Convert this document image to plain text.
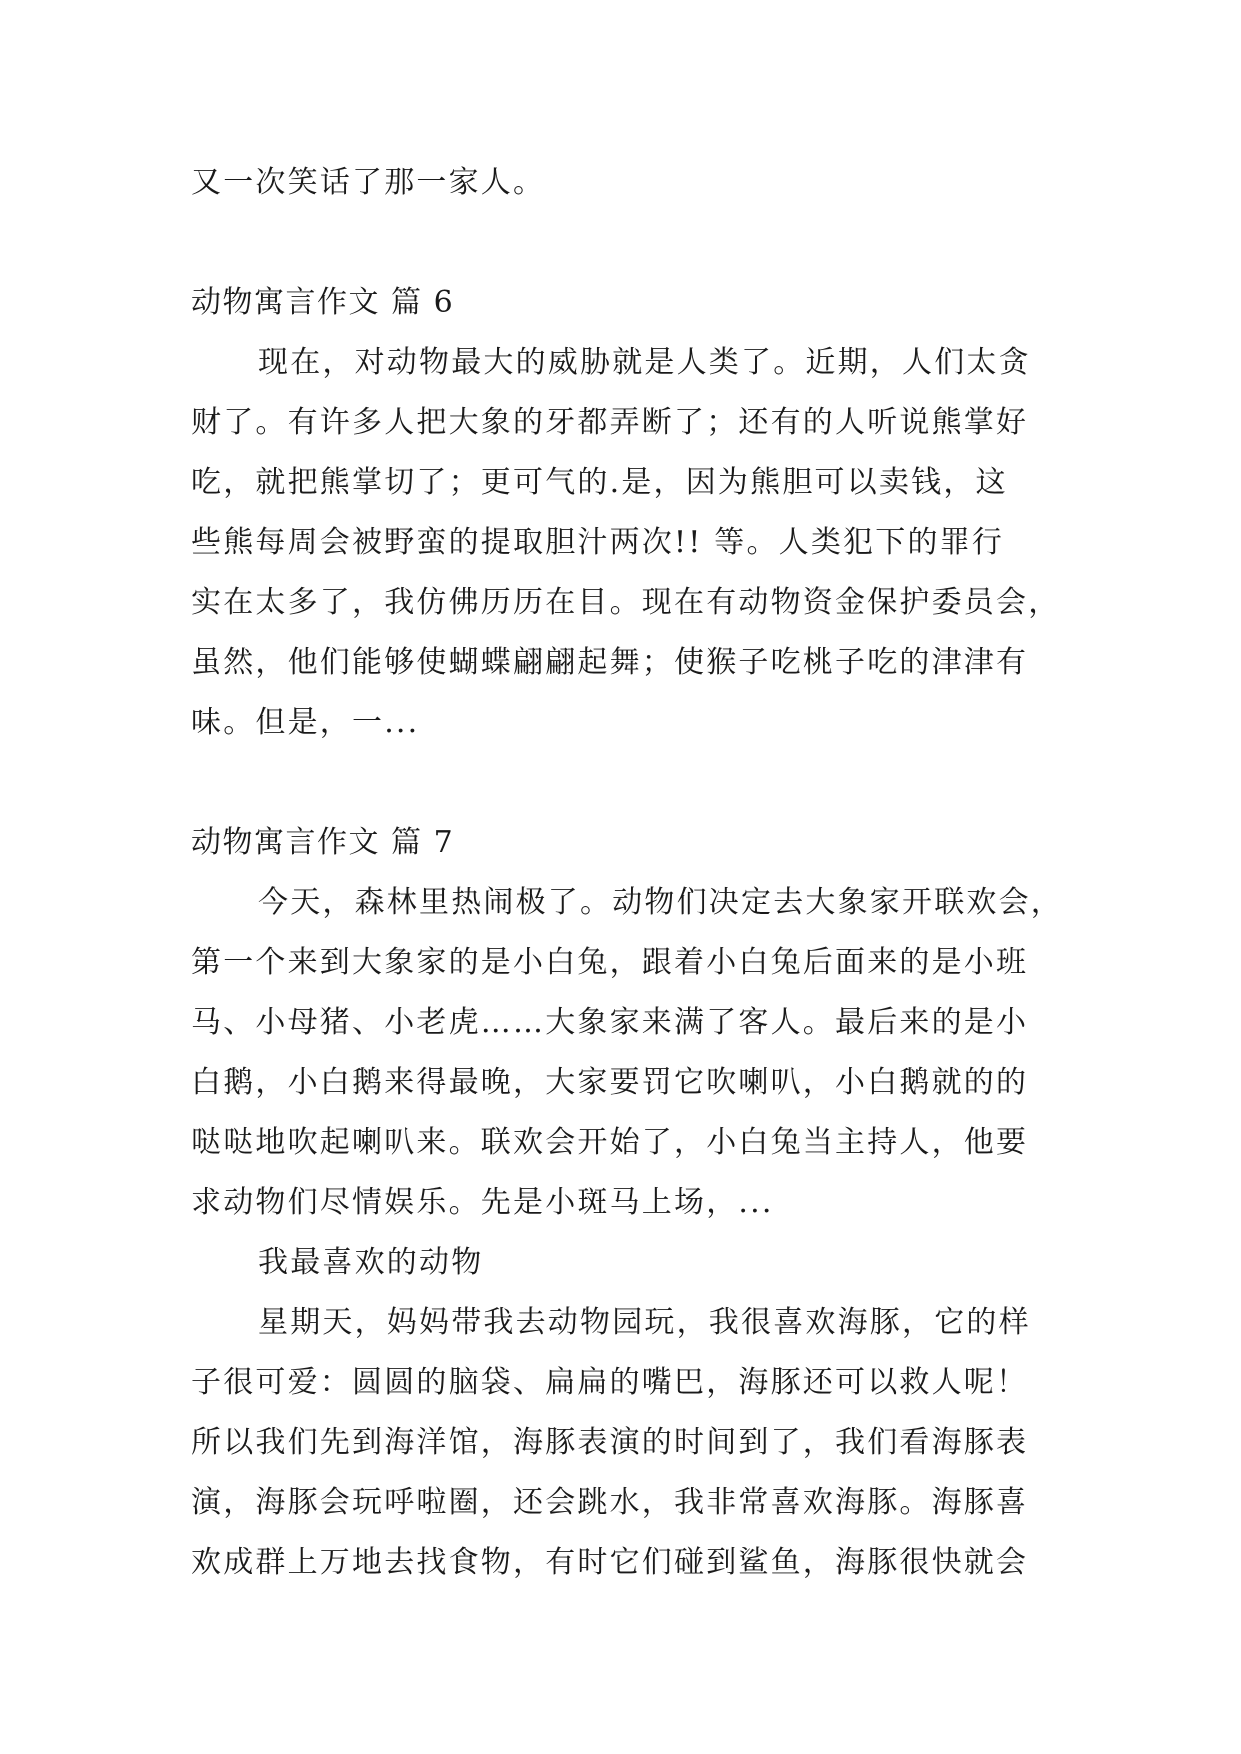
又一次笑话了那一家人。
动物寓言作文 篇 6
现在，对动物最大的威胁就是人类了。近期，人们太贪
财了。有许多人把大象的牙都弄断了；还有的人听说熊掌好
吃，就把熊掌切了；更可气的.是，因为熊胆可以卖钱，这
些熊每周会被野蛮的提取胆汁两次!! 等。人类犯下的罪行
实在太多了，我仿佛历历在目。现在有动物资金保护委员会，
虽然，他们能够使蝴蝶翩翩起舞；使猴子吃桃子吃的津津有
味。但是，一...
动物寓言作文 篇 7
今天，森林里热闹极了。动物们决定去大象家开联欢会，
第一个来到大象家的是小白兔，跟着小白兔后面来的是小班
马、小母猪、小老虎……大象家来满了客人。最后来的是小
白鹅，小白鹅来得最晚，大家要罚它吹喇叭，小白鹅就的的
哒哒地吹起喇叭来。联欢会开始了，小白兔当主持人，他要
求动物们尽情娱乐。先是小斑马上场，...
我最喜欢的动物
星期天，妈妈带我去动物园玩，我很喜欢海豚，它的样
子很可爱：圆圆的脑袋、扁扁的嘴巴，海豚还可以救人呢！
所以我们先到海洋馆，海豚表演的时间到了，我们看海豚表
演，海豚会玩呼啦圈，还会跳水，我非常喜欢海豚。海豚喜
欢成群上万地去找食物，有时它们碰到鲨鱼，海豚很快就会
